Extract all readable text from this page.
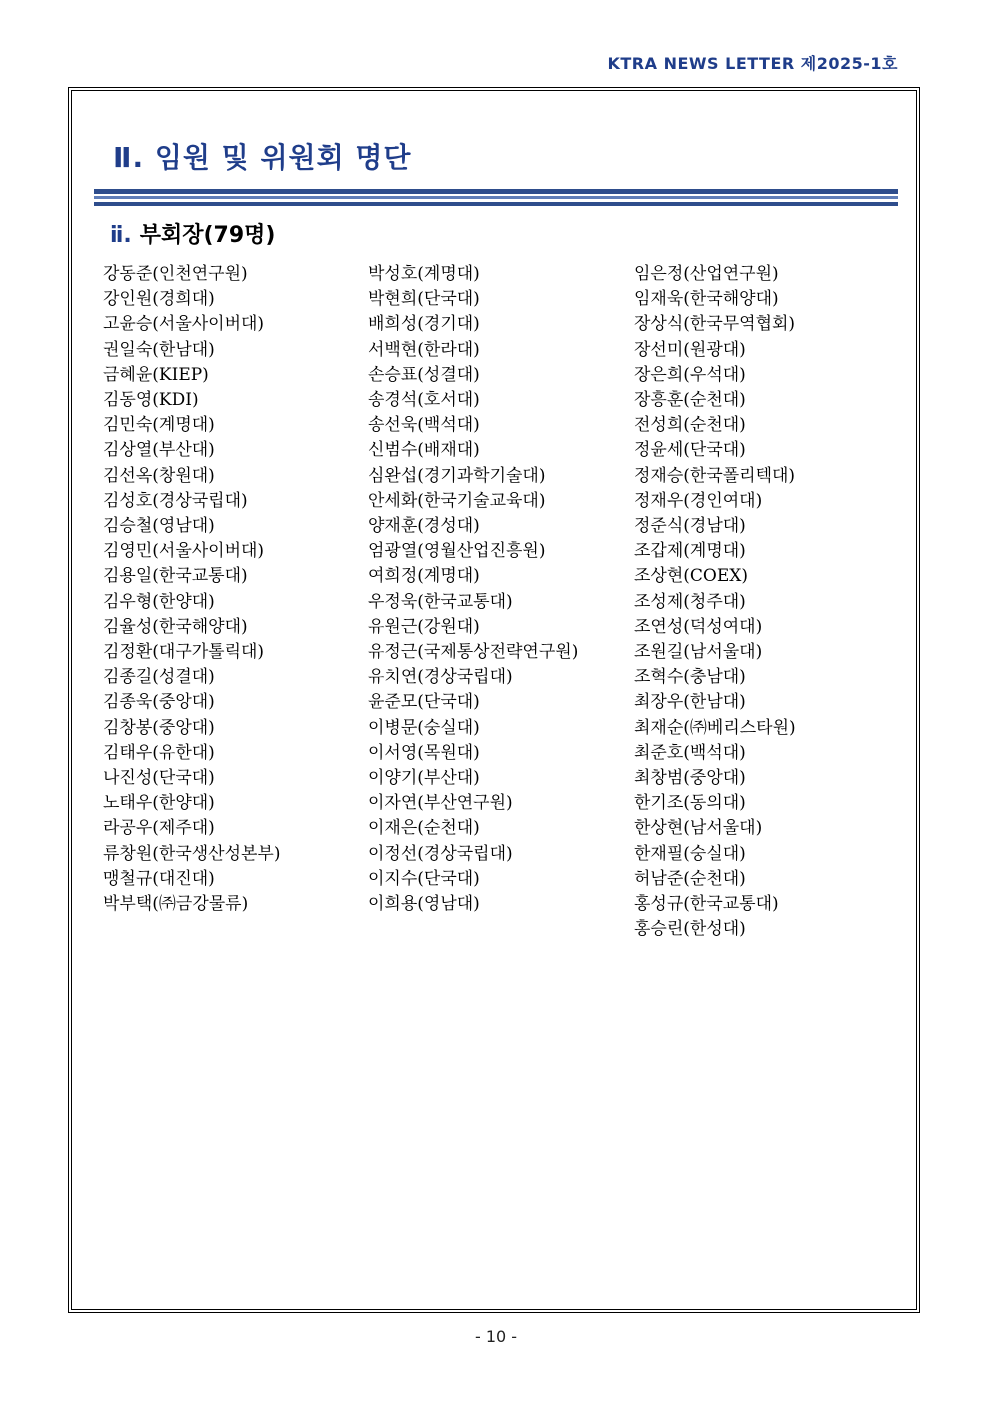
KTRA NEWS LETTER 제2025-1호
Ⅱ. 임원 및 위원회 명단
ⅱ. 부회장(79명)
강동준(인천연구원)
강인원(경희대)
고윤승(서울사이버대)
권일숙(한남대)
금혜윤(KIEP)
김동영(KDI)
김민숙(계명대)
김상열(부산대)
김선옥(창원대)
김성호(경상국립대)
김승철(영남대)
김영민(서울사이버대)
김용일(한국교통대)
김우형(한양대)
김율성(한국해양대)
김정환(대구가톨릭대)
김종길(성결대)
김종욱(중앙대)
김창봉(중앙대)
김태우(유한대)
나진성(단국대)
노태우(한양대)
라공우(제주대)
류창원(한국생산성본부)
맹철규(대진대)
박부택(㈜금강물류)
박성호(계명대)
박현희(단국대)
배희성(경기대)
서백현(한라대)
손승표(성결대)
송경석(호서대)
송선욱(백석대)
신범수(배재대)
심완섭(경기과학기술대)
안세화(한국기술교육대)
양재훈(경성대)
엄광열(영월산업진흥원)
여희정(계명대)
우정욱(한국교통대)
유원근(강원대)
유정근(국제통상전략연구원)
유치연(경상국립대)
윤준모(단국대)
이병문(숭실대)
이서영(목원대)
이양기(부산대)
이자연(부산연구원)
이재은(순천대)
이정선(경상국립대)
이지수(단국대)
이희용(영남대)
임은정(산업연구원)
임재욱(한국해양대)
장상식(한국무역협회)
장선미(원광대)
장은희(우석대)
장흥훈(순천대)
전성희(순천대)
정윤세(단국대)
정재승(한국폴리텍대)
정재우(경인여대)
정준식(경남대)
조갑제(계명대)
조상현(COEX)
조성제(청주대)
조연성(덕성여대)
조원길(남서울대)
조혁수(충남대)
최장우(한남대)
최재순(㈜베리스타원)
최준호(백석대)
최창범(중앙대)
한기조(동의대)
한상현(남서울대)
한재필(숭실대)
허남준(순천대)
홍성규(한국교통대)
홍승린(한성대)
- 10 -
